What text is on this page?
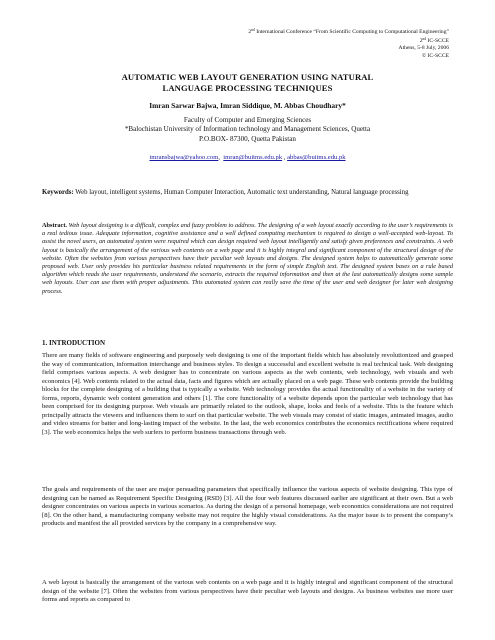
2nd International Conference “From Scientific Computing to Computational Engineering”
2nd IC-SCCE
Athens, 5-8 July, 2006
© IC-SCCE
AUTOMATIC WEB LAYOUT GENERATION USING NATURAL
LANGUAGE PROCESSING TECHNIQUES
Imran Sarwar Bajwa, Imran Siddique, M. Abbas Choudhary*
Faculty of Computer and Emerging Sciences
*Balochistan University of Information technology and Management Sciences, Quetta
P.O.BOX- 87300, Quetta Pakistan
imransbajwa@yahoo.com, imran@buitms.edu.pk , abbas@buitms.edu.pk
Keywords: Web layout, intelligent systems, Human Computer Interaction, Automatic text understanding, Natural language processing
Abstract. Web layout designing is a difficult, complex and fuzzy problem to address. The designing of a web layout exactly according to the user’s requirements is a real tedious issue. Adequate information, cognitive assistance and a well defined computing mechanism is required to design a well-accepted web-layout. To assist the novel users, an automated system were required which can design required web layout intelligently and satisfy given preferences and constraints. A web layout is basically the arrangement of the various web contents on a web page and it is highly integral and significant component of the structural design of the website. Often the websites from various perspectives have their peculiar web layouts and designs. The designed system helps to automatically generate some proposed web. User only provides his particular business related requirements in the form of simple English text. The designed system bases on a rule based algorithm which reads the user requirements, understand the scenario, extracts the required information and then at the last automatically designs some sample web layouts. User can use them with proper adjustments. This automated system can really save the time of the user and web designer for later web designing process.
1. INTRODUCTION
There are many fields of software engineering and purposely web designing is one of the important fields which has absolutely revolutionized and grasped the way of communication, information interchange and business styles. To design a successful and excellent website is real technical task. Web designing field comprises various aspects. A web designer has to concentrate on various aspects as the web contents, web technology, web visuals and web economics [4]. Web contents related to the actual data, facts and figures which are actually placed on a web page. These web contents provide the building blocks for the complete designing of a building that is typically a website. Web technology provides the actual functionality of a website in the variety of forms, reports, dynamic web content generation and others [1]. The core functionality of a website depends upon the particular web technology that has been comprised for its designing purpose. Web visuals are primarily related to the outlook, shape, looks and feels of a website. This is the feature which principally attracts the viewers and influences them to surf on that particular website. The web visuals may consist of static images, animated images, audio and video streams for batter and long-lasting impact of the website. In the last, the web economics contributes the economics rectifications where required [3]. The web economics helps the web surfers to perform business transactions through web.
The goals and requirements of the user are major persuading parameters that specifically influence the various aspects of website designing. This type of designing can be named as Requirement Specific Designing (RSD) [3]. All the four web features discussed earlier are significant at their own. But a web designer concentrates on various aspects in various scenarios. As during the design of a personal homepage, web economics considerations are not required [8]. On the other hand, a manufacturing company website may not require the highly visual considerations. As the major issue is to present the company’s products and manifest the all provided services by the company in a comprehensive way.
A web layout is basically the arrangement of the various web contents on a web page and it is highly integral and significant component of the structural design of the website [7]. Often the websites from various perspectives have their peculiar web layouts and designs. As business websites use more user forms and reports as compared to
